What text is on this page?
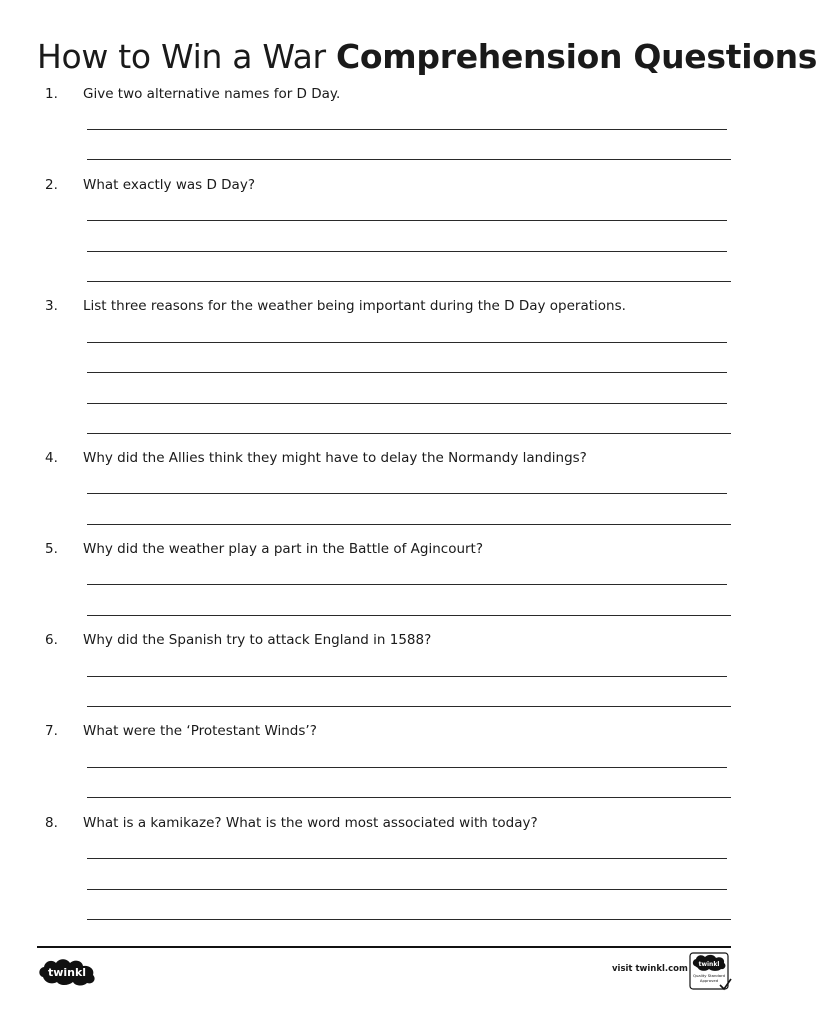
How to Win a War Comprehension Questions
1. Give two alternative names for D Day.
2. What exactly was D Day?
3. List three reasons for the weather being important during the D Day operations.
4. Why did the Allies think they might have to delay the Normandy landings?
5. Why did the weather play a part in the Battle of Agincourt?
6. Why did the Spanish try to attack England in 1588?
7. What were the ‘Protestant Winds’?
8. What is a kamikaze? What is the word most associated with today?
twinkl	visit twinkl.com twinkl
Quality Standard
Approved
